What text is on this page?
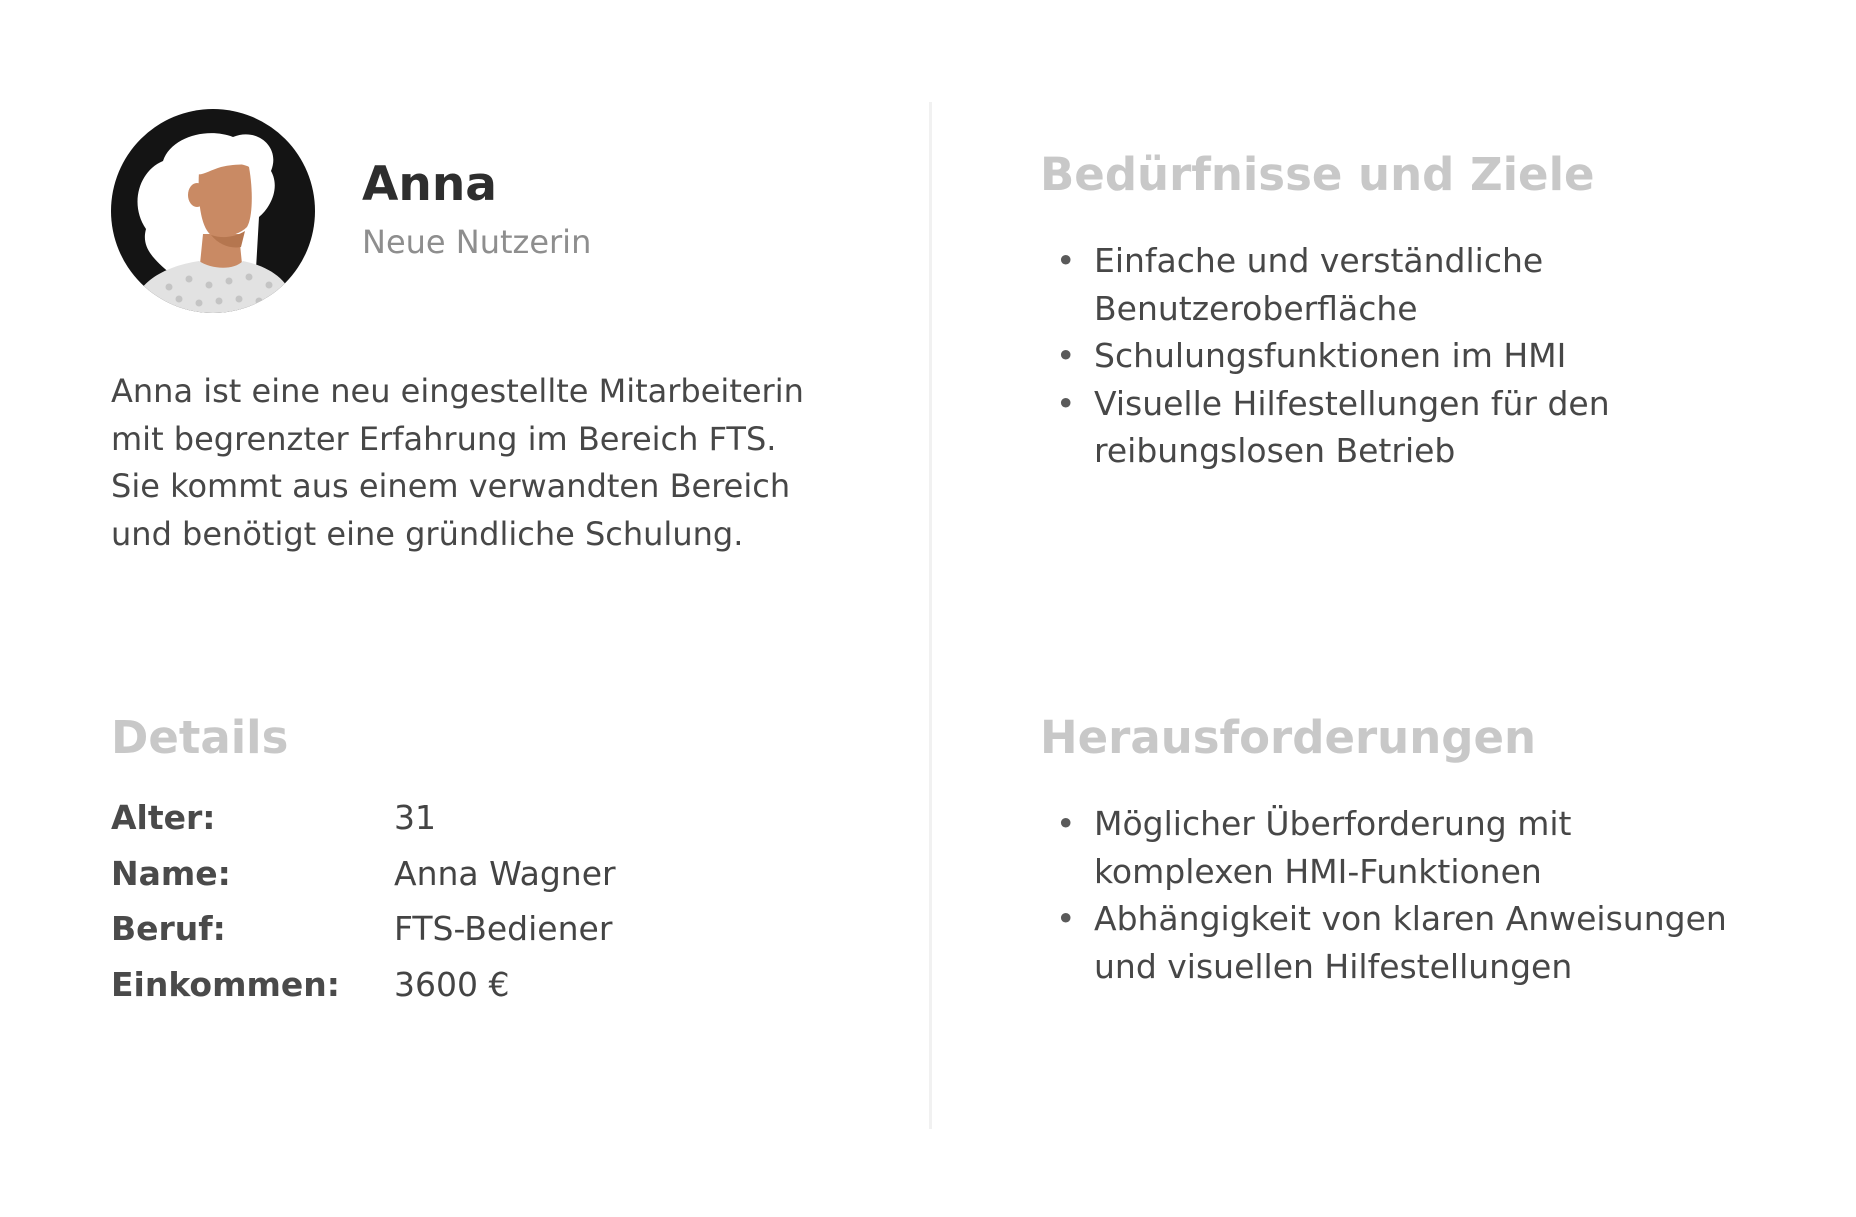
Anna
Neue Nutzerin

Anna ist eine neu eingestellte Mitarbeiterin

mit begrenzter Erfahrung im Bereich FTS.

Sie kommt aus einem verwandten Bereich

und benötigt eine gründliche Schulung.

Details
Alter:	31
Name:	Anna Wagner
Beruf:	FTS-Bediener
Einkommen:	3600 €
Bedürfnisse und Ziele
• Einfache und verständliche
Benutzeroberfläche
• Schulungsfunktionen im HMI
• Visuelle Hilfestellungen für den
reibungslosen Betrieb
Herausforderungen
• Möglicher Überforderung mit
komplexen HMI-Funktionen
• Abhängigkeit von klaren Anweisungen
und visuellen Hilfestellungen
